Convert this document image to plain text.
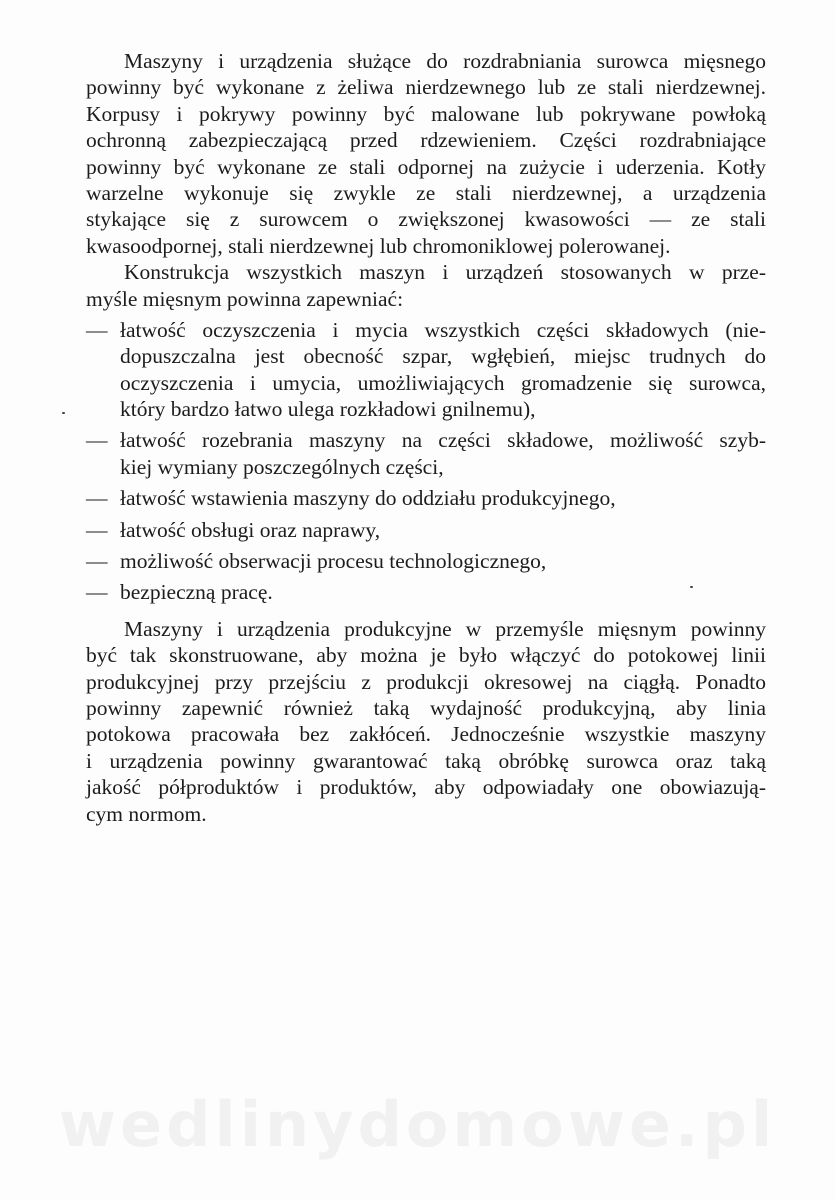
Maszyny i urządzenia służące do rozdrabniania surowca mięsnego
powinny być wykonane z żeliwa nierdzewnego lub ze stali nierdzewnej.
Korpusy i pokrywy powinny być malowane lub pokrywane powłoką
ochronną zabezpieczającą przed rdzewieniem. Części rozdrabniające
powinny być wykonane ze stali odpornej na zużycie i uderzenia. Kotły
warzelne wykonuje się zwykle ze stali nierdzewnej, a urządzenia
stykające się z surowcem o zwiększonej kwasowości — ze stali
kwasoodpornej, stali nierdzewnej lub chromoniklowej polerowanej.
Konstrukcja wszystkich maszyn i urządzeń stosowanych w prze-
myśle mięsnym powinna zapewniać:
— łatwość oczyszczenia i mycia wszystkich części składowych (nie-
dopuszczalna jest obecność szpar, wgłębień, miejsc trudnych do
oczyszczenia i umycia, umożliwiających gromadzenie się surowca,
który bardzo łatwo ulega rozkładowi gnilnemu),
— łatwość rozebrania maszyny na części składowe, możliwość szyb-
kiej wymiany poszczególnych części,
— łatwość wstawienia maszyny do oddziału produkcyjnego,
— łatwość obsługi oraz naprawy,
— możliwość obserwacji procesu technologicznego,
— bezpieczną pracę.
Maszyny i urządzenia produkcyjne w przemyśle mięsnym powinny
być tak skonstruowane, aby można je było włączyć do potokowej linii
produkcyjnej przy przejściu z produkcji okresowej na ciągłą. Ponadto
powinny zapewnić również taką wydajność produkcyjną, aby linia
potokowa pracowała bez zakłóceń. Jednocześnie wszystkie maszyny
i urządzenia powinny gwarantować taką obróbkę surowca oraz taką
jakość półproduktów i produktów, aby odpowiadały one obowiazują-
cym normom.
wedlinydomowe.pl
